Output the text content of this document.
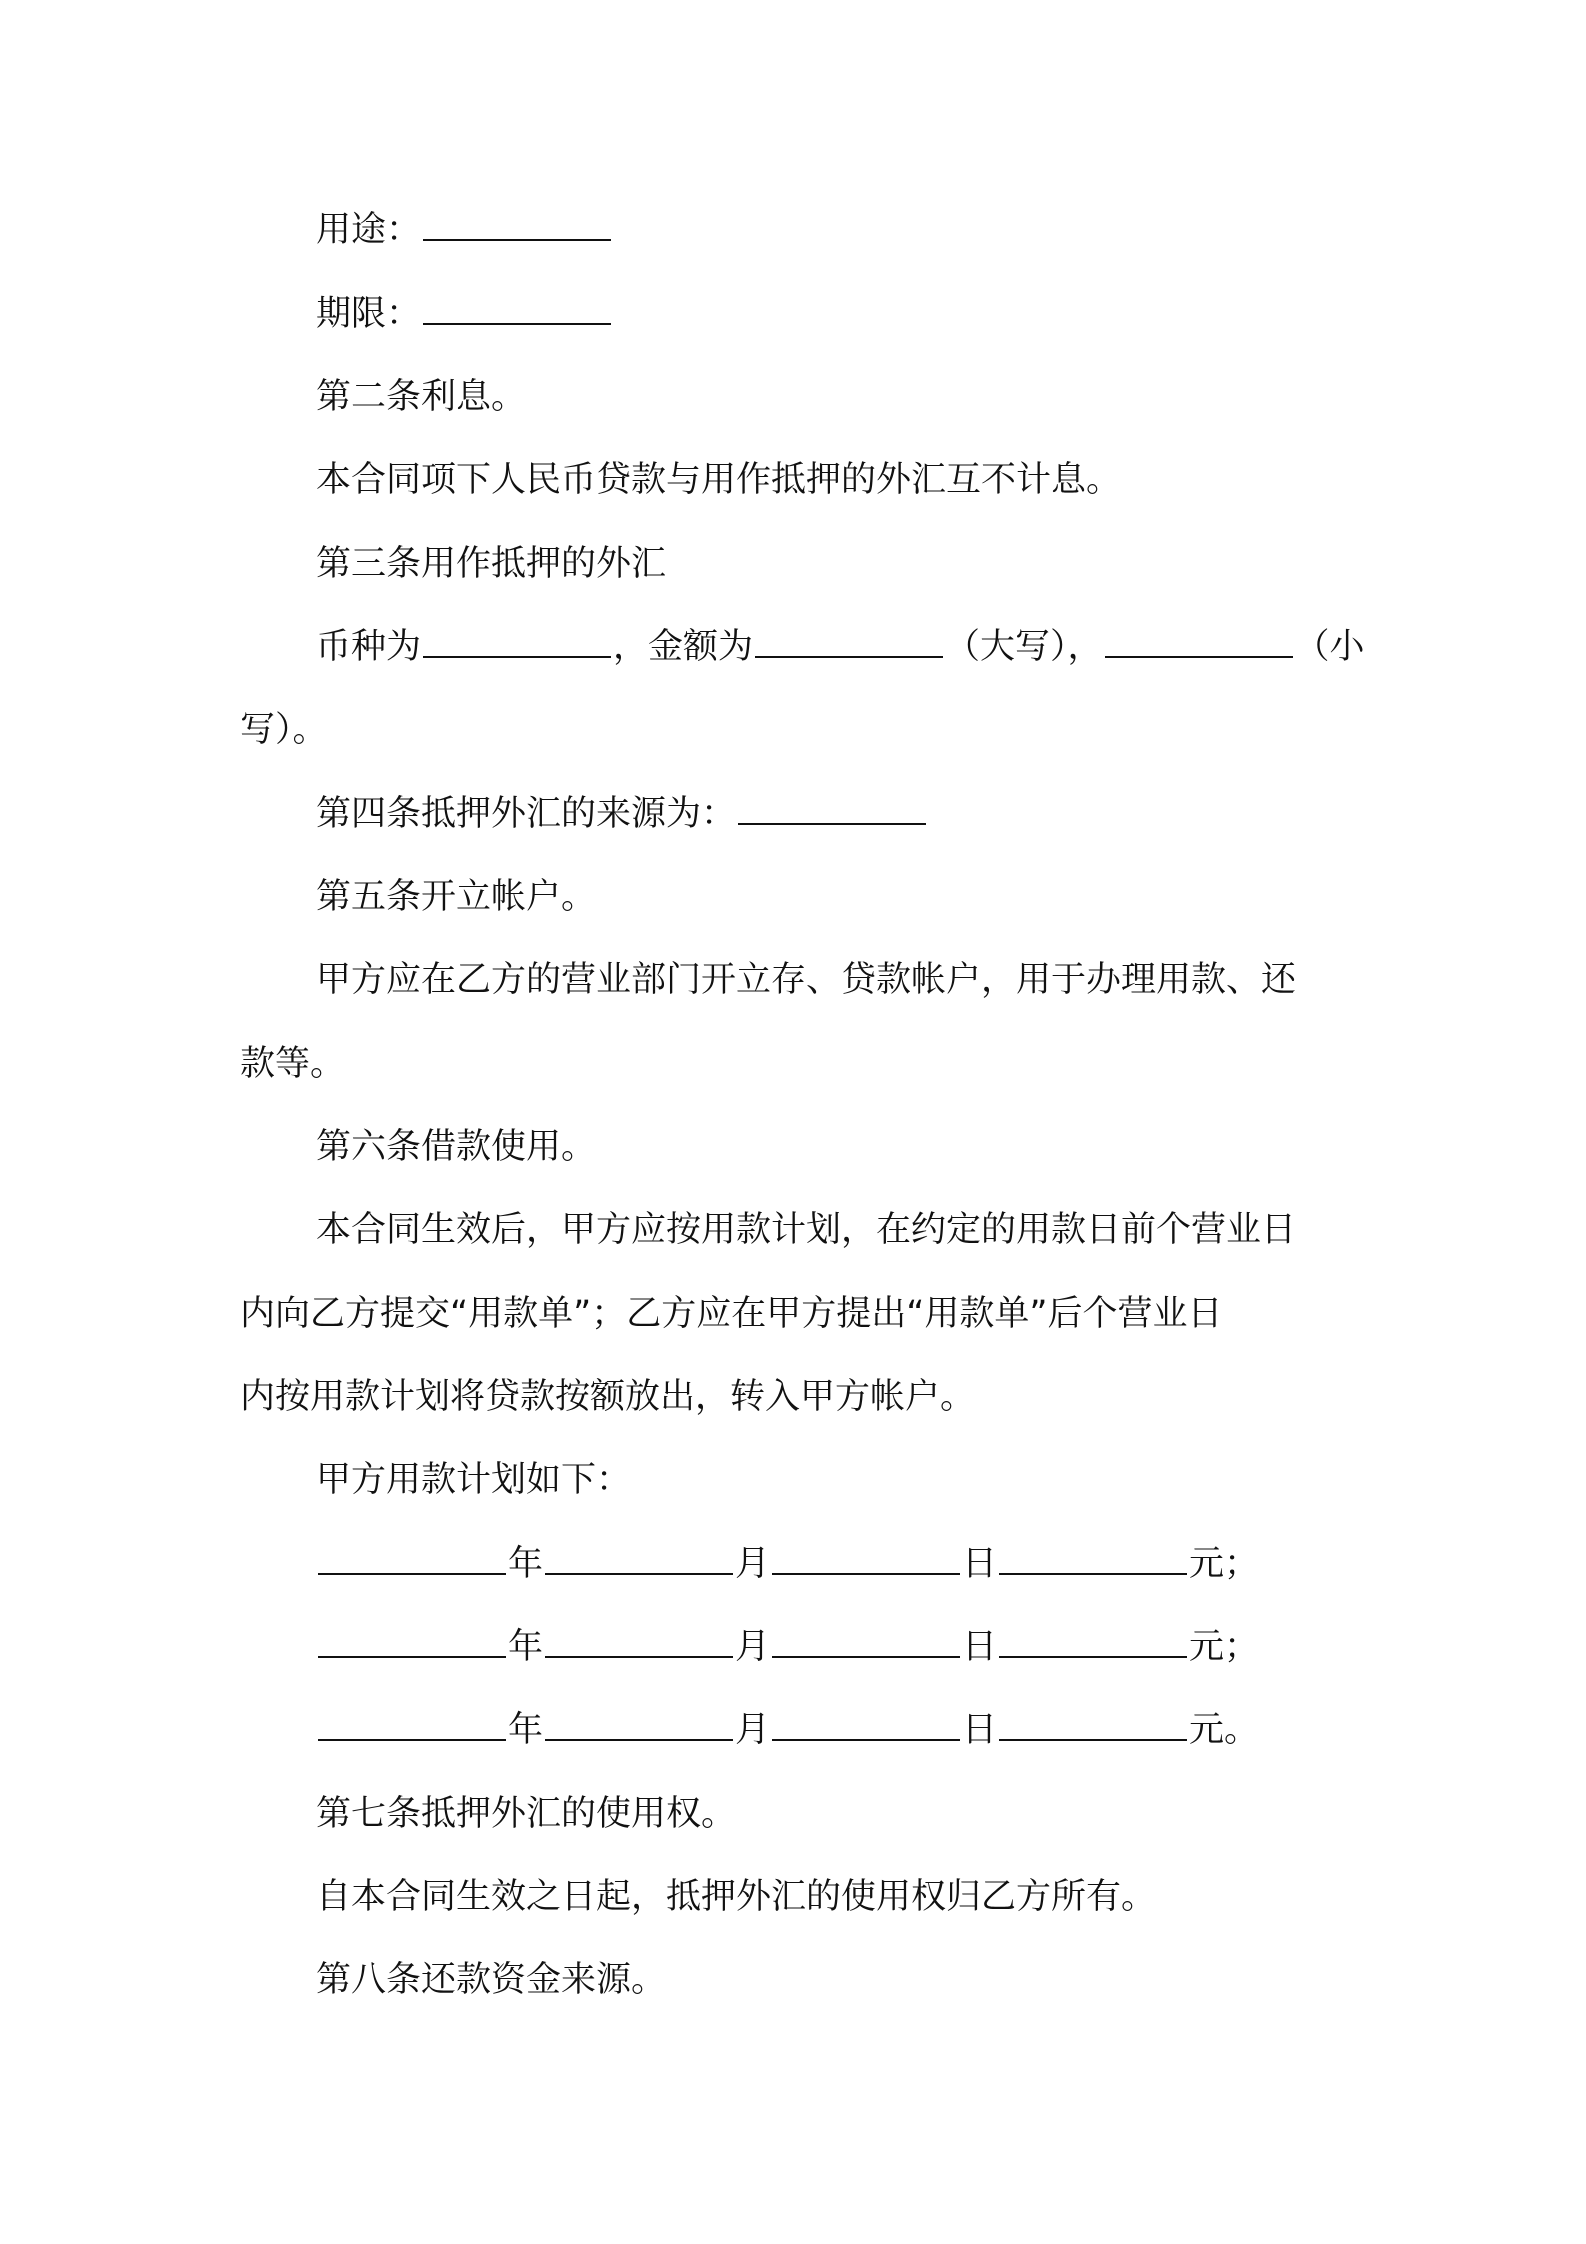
用途：
期限：
第二条利息。
本合同项下人民币贷款与用作抵押的外汇互不计息。
第三条用作抵押的外汇
币种为	，金额为	（大写），	（小
写）。
第四条抵押外汇的来源为：
第五条开立帐户。
甲方应在乙方的营业部门开立存、贷款帐户，用于办理用款、还
款等。
第六条借款使用。
本合同生效后，甲方应按用款计划，在约定的用款日前个营业日
内向乙方提交“用款单”；乙方应在甲方提出“用款单”后个营业日
内按用款计划将贷款按额放出，转入甲方帐户。
甲方用款计划如下：
年	月	日	元；
年	月	日	元；
年	月	日	元。
第七条抵押外汇的使用权。
自本合同生效之日起，抵押外汇的使用权归乙方所有。
第八条还款资金来源。
